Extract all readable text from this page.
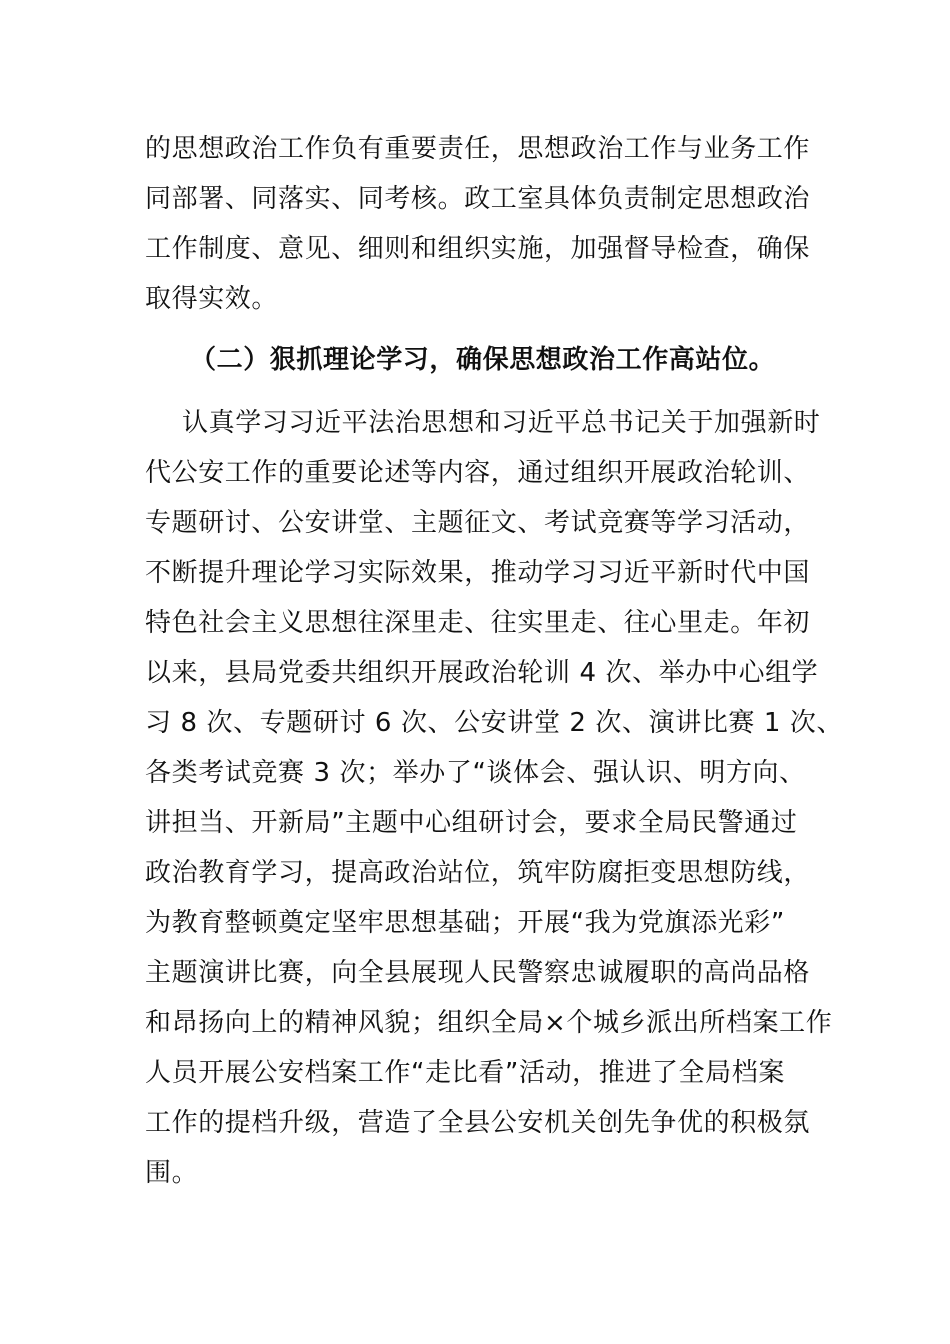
的思想政治工作负有重要责任，思想政治工作与业务工作
同部署、同落实、同考核。政工室具体负责制定思想政治
工作制度、意见、细则和组织实施，加强督导检查，确保
取得实效。
（二）狠抓理论学习，确保思想政治工作高站位。
认真学习习近平法治思想和习近平总书记关于加强新时
代公安工作的重要论述等内容，通过组织开展政治轮训、
专题研讨、公安讲堂、主题征文、考试竞赛等学习活动，
不断提升理论学习实际效果，推动学习习近平新时代中国
特色社会主义思想往深里走、往实里走、往心里走。年初
以来，县局党委共组织开展政治轮训 4 次、举办中心组学
习 8 次、专题研讨 6 次、公安讲堂 2 次、演讲比赛 1 次、
各类考试竞赛 3 次；举办了“谈体会、强认识、明方向、
讲担当、开新局”主题中心组研讨会，要求全局民警通过
政治教育学习，提高政治站位，筑牢防腐拒变思想防线，
为教育整顿奠定坚牢思想基础；开展“我为党旗添光彩”
主题演讲比赛，向全县展现人民警察忠诚履职的高尚品格
和昂扬向上的精神风貌；组织全局×个城乡派出所档案工作
人员开展公安档案工作“走比看”活动，推进了全局档案
工作的提档升级，营造了全县公安机关创先争优的积极氛
围。
